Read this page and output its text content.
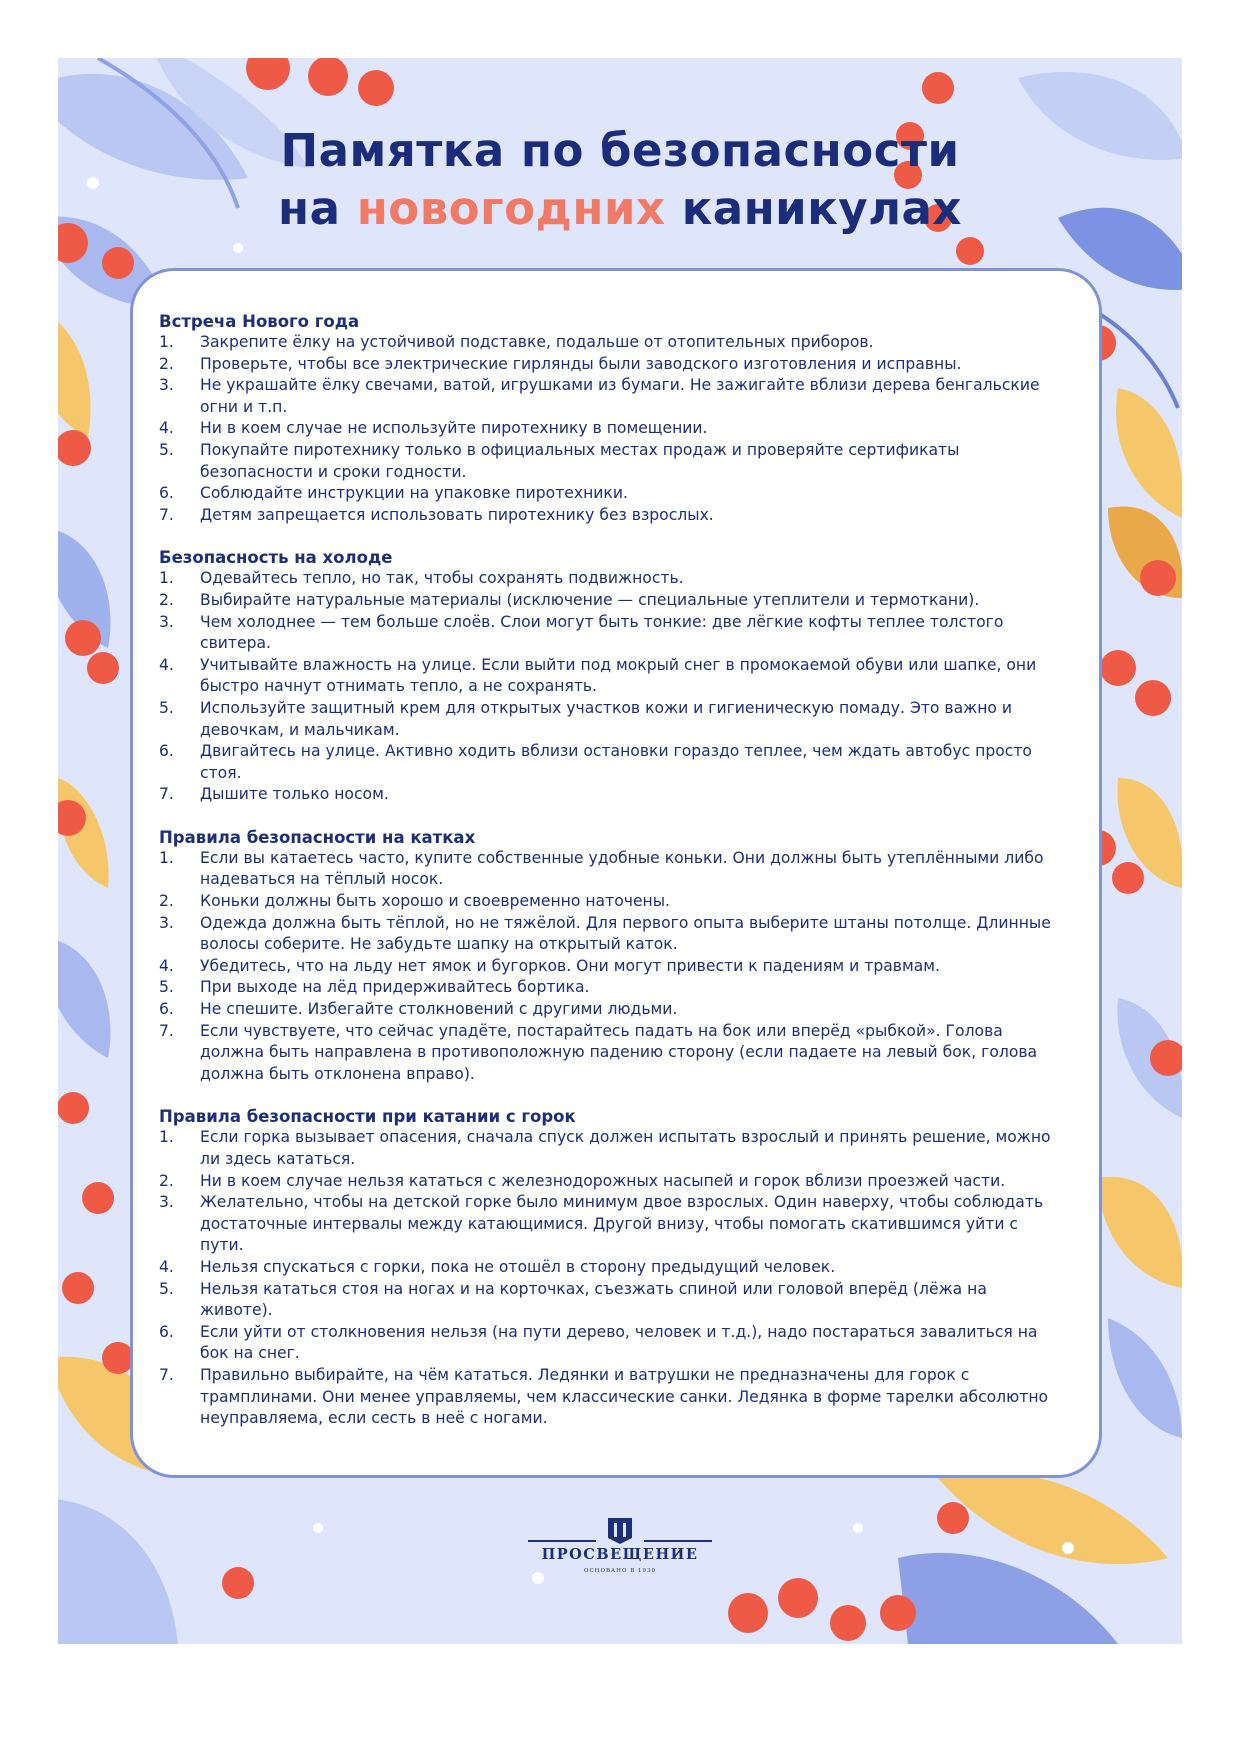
Памятка по безопасности
на новогодних каникулах
Встреча Нового года
1.	Закрепите ёлку на устойчивой подставке, подальше от отопительных приборов.
2.	Проверьте, чтобы все электрические гирлянды были заводского изготовления и исправны.
3.	Не украшайте ёлку свечами, ватой, игрушками из бумаги. Не зажигайте вблизи дерева бенгальские огни и т.п.
4.	Ни в коем случае не используйте пиротехнику в помещении.
5.	Покупайте пиротехнику только в официальных местах продаж и проверяйте сертификаты безопасности и сроки годности.
6.	Соблюдайте инструкции на упаковке пиротехники.
7.	Детям запрещается использовать пиротехнику без взрослых.
Безопасность на холоде
1.	Одевайтесь тепло, но так, чтобы сохранять подвижность.
2.	Выбирайте натуральные материалы (исключение — специальные утеплители и термоткани).
3.	Чем холоднее — тем больше слоёв. Слои могут быть тонкие: две лёгкие кофты теплее толстого свитера.
4.	Учитывайте влажность на улице. Если выйти под мокрый снег в промокаемой обуви или шапке, они быстро начнут отнимать тепло, а не сохранять.
5.	Используйте защитный крем для открытых участков кожи и гигиеническую помаду. Это важно и девочкам, и мальчикам.
6.	Двигайтесь на улице. Активно ходить вблизи остановки гораздо теплее, чем ждать автобус просто стоя.
7.	Дышите только носом.
Правила безопасности на катках
1.	Если вы катаетесь часто, купите собственные удобные коньки. Они должны быть утеплёнными либо надеваться на тёплый носок.
2.	Коньки должны быть хорошо и своевременно наточены.
3.	Одежда должна быть тёплой, но не тяжёлой. Для первого опыта выберите штаны потолще. Длинные волосы соберите. Не забудьте шапку на открытый каток.
4.	Убедитесь, что на льду нет ямок и бугорков. Они могут привести к падениям и травмам.
5.	При выходе на лёд придерживайтесь бортика.
6.	Не спешите. Избегайте столкновений с другими людьми.
7.	Если чувствуете, что сейчас упадёте, постарайтесь падать на бок или вперёд «рыбкой». Голова должна быть направлена в противоположную падению сторону (если падаете на левый бок, голова должна быть отклонена вправо).
Правила безопасности при катании с горок
1.	Если горка вызывает опасения, сначала спуск должен испытать взрослый и принять решение, можно ли здесь кататься.
2.	Ни в коем случае нельзя кататься с железнодорожных насыпей и горок вблизи проезжей части.
3.	Желательно, чтобы на детской горке было минимум двое взрослых. Один наверху, чтобы соблюдать достаточные интервалы между катающимися. Другой внизу, чтобы помогать скатившимся уйти с пути.
4.	Нельзя спускаться с горки, пока не отошёл в сторону предыдущий человек.
5.	Нельзя кататься стоя на ногах и на корточках, съезжать спиной или головой вперёд (лёжа на животе).
6.	Если уйти от столкновения нельзя (на пути дерево, человек и т.д.), надо постараться завалиться на бок на снег.
7.	Правильно выбирайте, на чём кататься. Ледянки и ватрушки не предназначены для горок с трамплинами. Они менее управляемы, чем классические санки. Ледянка в форме тарелки абсолютно неуправляема, если сесть в неё с ногами.
ПРОСВЕЩЕНИЕ
ОСНОВАНО В 1930
